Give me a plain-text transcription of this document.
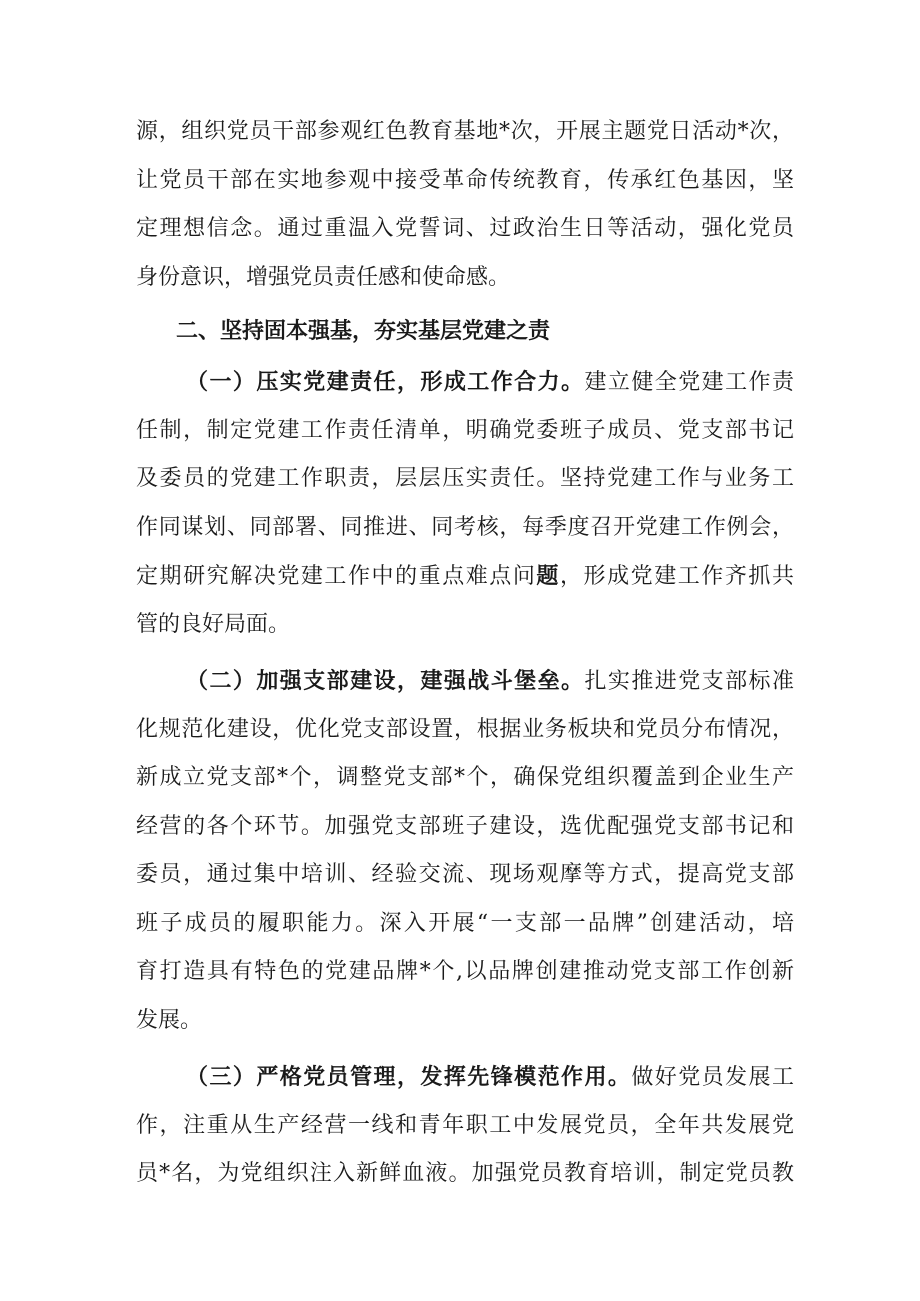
源，组织党员干部参观红色教育基地*次，开展主题党日活动*次，
让党员干部在实地参观中接受革命传统教育，传承红色基因，坚
定理想信念。通过重温入党誓词、过政治生日等活动，强化党员
身份意识，增强党员责任感和使命感。
二、坚持固本强基，夯实基层党建之责
（一）压实党建责任，形成工作合力。建立健全党建工作责
任制，制定党建工作责任清单，明确党委班子成员、党支部书记
及委员的党建工作职责，层层压实责任。坚持党建工作与业务工
作同谋划、同部署、同推进、同考核，每季度召开党建工作例会，
定期研究解决党建工作中的重点难点问题，形成党建工作齐抓共
管的良好局面。
（二）加强支部建设，建强战斗堡垒。扎实推进党支部标准
化规范化建设，优化党支部设置，根据业务板块和党员分布情况，
新成立党支部*个，调整党支部*个，确保党组织覆盖到企业生产
经营的各个环节。加强党支部班子建设，选优配强党支部书记和
委员，通过集中培训、经验交流、现场观摩等方式，提高党支部
班子成员的履职能力。深入开展“一支部一品牌”创建活动，培
育打造具有特色的党建品牌*个,以品牌创建推动党支部工作创新
发展。
（三）严格党员管理，发挥先锋模范作用。做好党员发展工
作，注重从生产经营一线和青年职工中发展党员，全年共发展党
员*名，为党组织注入新鲜血液。加强党员教育培训，制定党员教
